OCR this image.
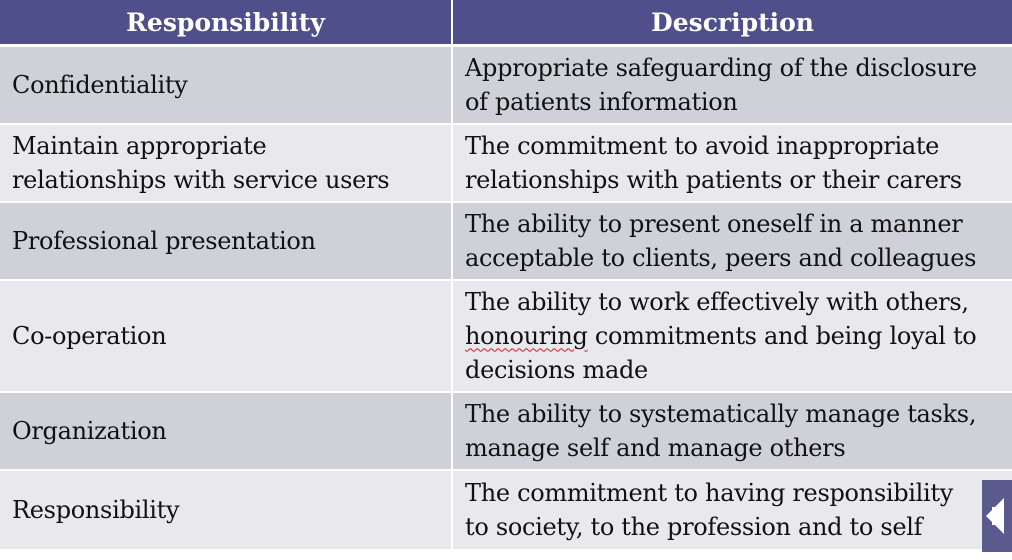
Responsibility	Description
Confidentiality	Appropriate safeguarding of the disclosure
of patients information
Maintain appropriate
relationships with service users	The commitment to avoid inappropriate
relationships with patients or their carers
Professional presentation	The ability to present oneself in a manner
acceptable to clients, peers and colleagues
Co-operation	The ability to work effectively with others,
honouring commitments and being loyal to
decisions made
Organization	The ability to systematically manage tasks,
manage self and manage others
Responsibility	The commitment to having responsibility
to society, to the profession and to self
